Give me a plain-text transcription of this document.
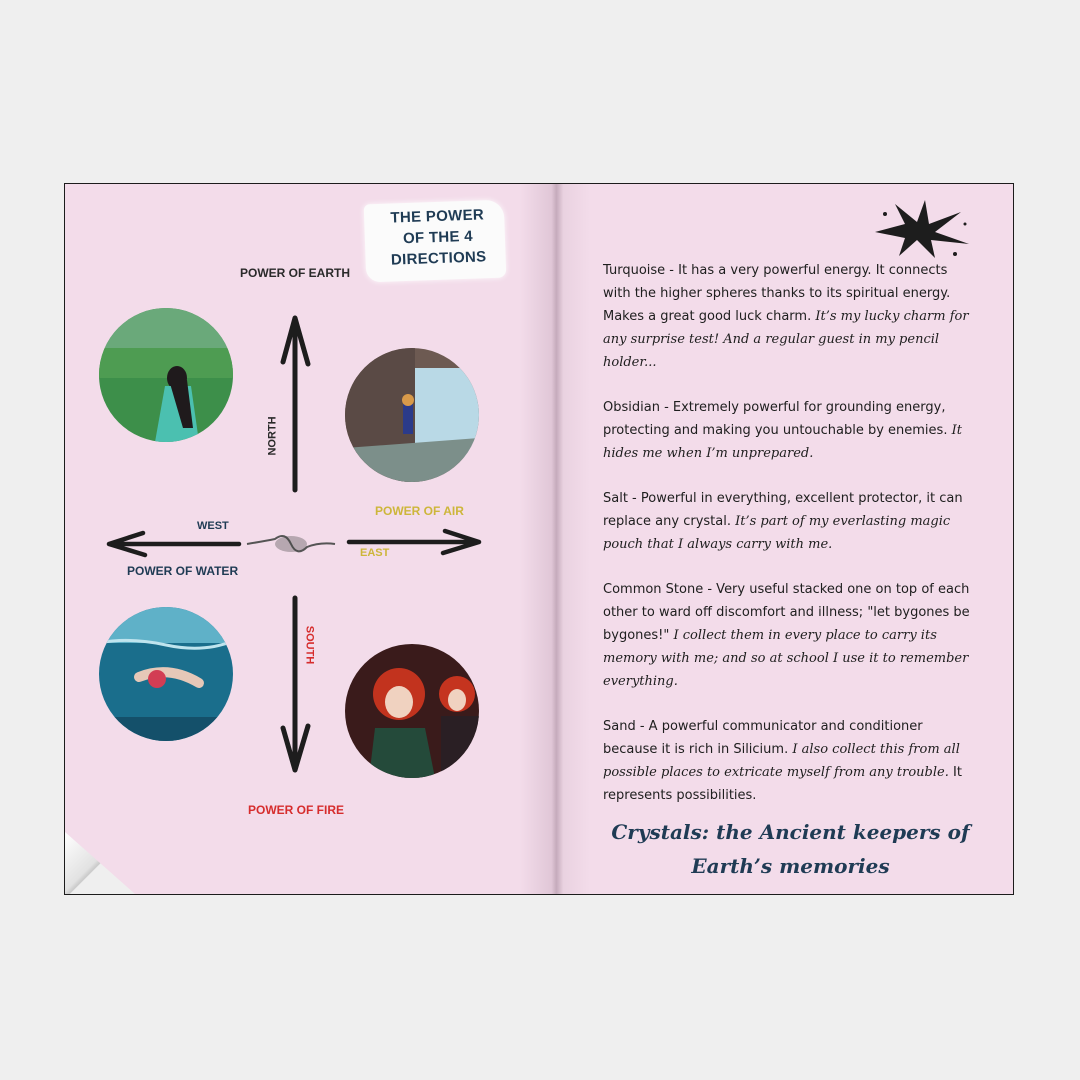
THE POWER OF THE 4 DIRECTIONS
POWER OF EARTH
POWER OF AIR
POWER OF WATER
POWER OF FIRE
WEST
EAST
NORTH
SOUTH

Turquoise - It has a very powerful energy. It connects with the higher spheres thanks to its spiritual energy. Makes a great good luck charm. It’s my lucky charm for any surprise test! And a regular guest in my pencil holder...

Obsidian - Extremely powerful for grounding energy, protecting and making you untouchable by enemies. It hides me when I’m unprepared.

Salt - Powerful in everything, excellent protector, it can replace any crystal. It’s part of my everlasting magic pouch that I always carry with me.

Common Stone - Very useful stacked one on top of each other to ward off discomfort and illness; "let bygones be bygones!" I collect them in every place to carry its memory with me; and so at school I use it to remember everything.

Sand - A powerful communicator and conditioner because it is rich in Silicium. I also collect this from all possible places to extricate myself from any trouble. It represents possibilities.

Crystals: the Ancient keepers of
Earth’s memories
